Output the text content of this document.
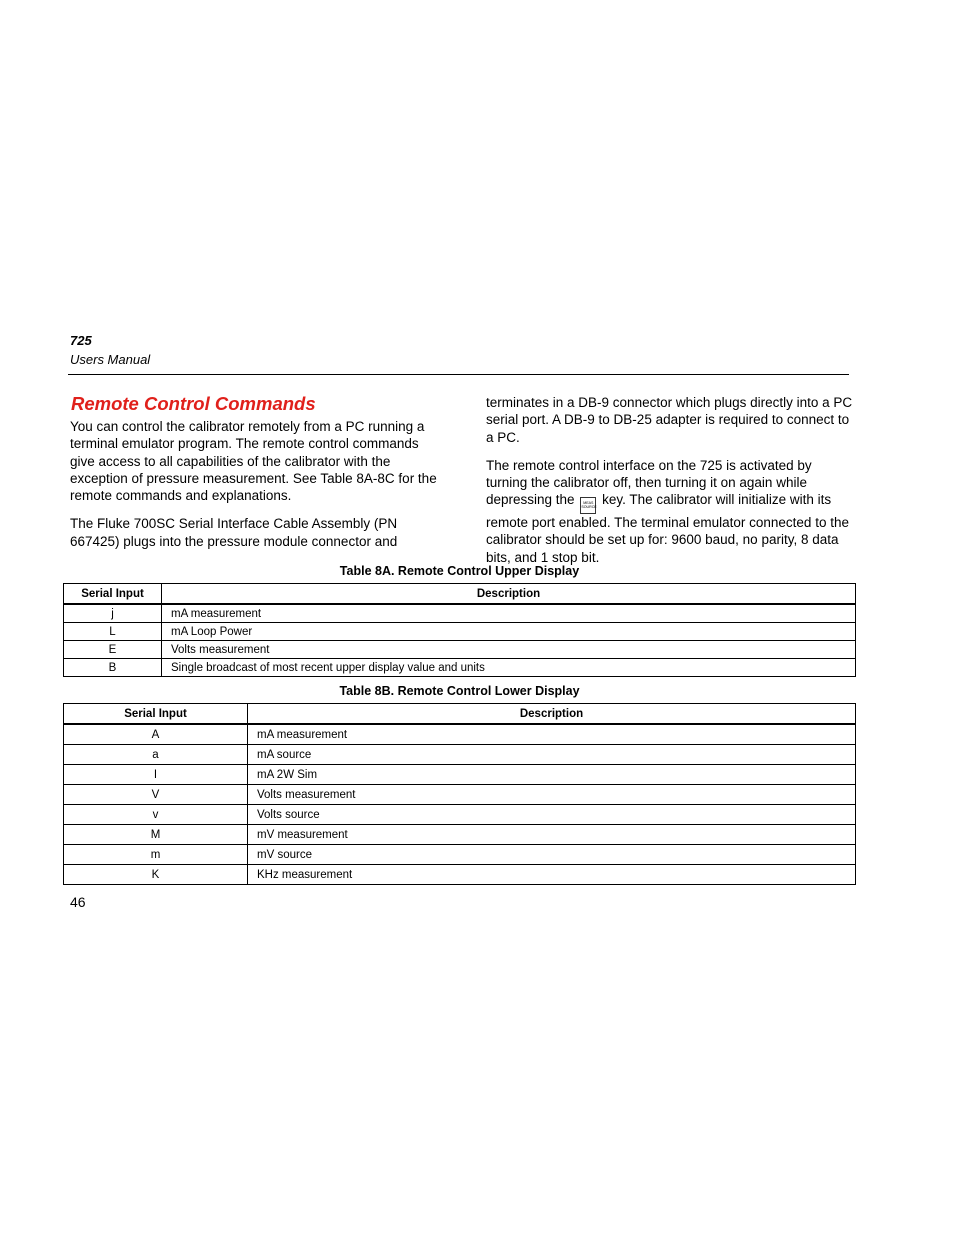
725
Users Manual
Remote Control Commands

You can control the calibrator remotely from a PC running a terminal emulator program. The remote control commands give access to all capabilities of the calibrator with the exception of pressure measurement. See Table 8A-8C for the remote commands and explanations.

The Fluke 700SC Serial Interface Cable Assembly (PN 667425) plugs into the pressure module connector and

terminates in a DB-9 connector which plugs directly into a PC serial port. A DB-9 to DB-25 adapter is required to connect to a PC.

The remote control interface on the 725 is activated by turning the calibrator off, then turning it on again while depressing the MEAS
SOURCE key. The calibrator will initialize with its remote port enabled. The terminal emulator connected to the calibrator should be set up for: 9600 baud, no parity, 8 data bits, and 1 stop bit.

Table 8A. Remote Control Upper Display
Serial Input	Description
j	mA measurement
L	mA Loop Power
E	Volts measurement
B	Single broadcast of most recent upper display value and units
Table 8B. Remote Control Lower Display
Serial Input	Description
A	mA measurement
a	mA source
I	mA 2W Sim
V	Volts measurement
v	Volts source
M	mV measurement
m	mV source
K	KHz measurement
46
